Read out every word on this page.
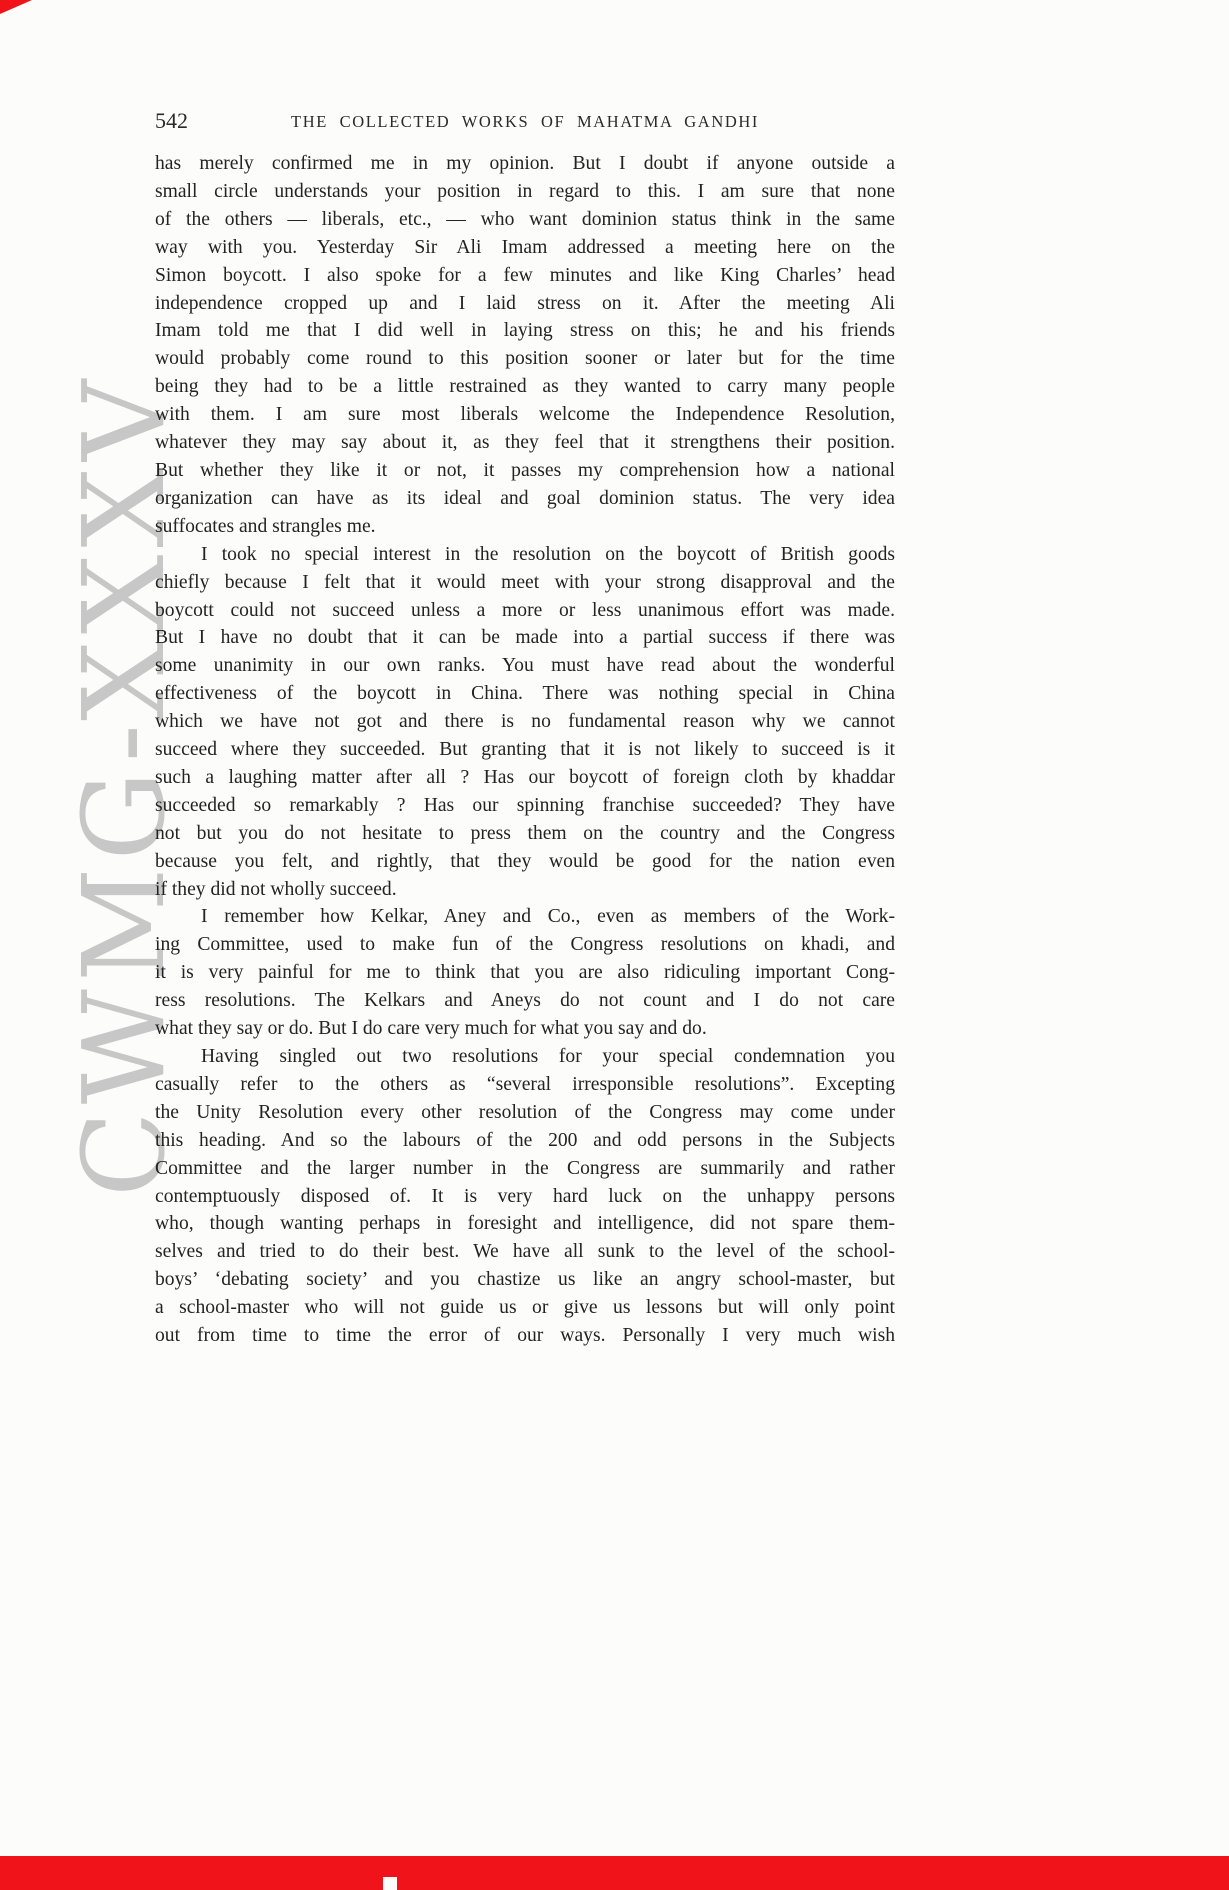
CWMG-XXXV
542	THE COLLECTED WORKS OF MAHATMA GANDHI
has merely confirmed me in my opinion. But I doubt if anyone outside a
small circle understands your position in regard to this. I am sure that none
of the others — liberals, etc., — who want dominion status think in the same
way with you. Yesterday Sir Ali Imam addressed a meeting here on the
Simon boycott. I also spoke for a few minutes and like King Charles’ head
independence cropped up and I laid stress on it. After the meeting Ali
Imam told me that I did well in laying stress on this; he and his friends
would probably come round to this position sooner or later but for the time
being they had to be a little restrained as they wanted to carry many people
with them. I am sure most liberals welcome the Independence Resolution,
whatever they may say about it, as they feel that it strengthens their position.
But whether they like it or not, it passes my comprehension how a national
organization can have as its ideal and goal dominion status. The very idea
suffocates and strangles me.
I took no special interest in the resolution on the boycott of British goods
chiefly because I felt that it would meet with your strong disapproval and the
boycott could not succeed unless a more or less unanimous effort was made.
But I have no doubt that it can be made into a partial success if there was
some unanimity in our own ranks. You must have read about the wonderful
effectiveness of the boycott in China. There was nothing special in China
which we have not got and there is no fundamental reason why we cannot
succeed where they succeeded. But granting that it is not likely to succeed is it
such a laughing matter after all ? Has our boycott of foreign cloth by khaddar
succeeded so remarkably ? Has our spinning franchise succeeded? They have
not but you do not hesitate to press them on the country and the Congress
because you felt, and rightly, that they would be good for the nation even
if they did not wholly succeed.
I remember how Kelkar, Aney and Co., even as members of the Work-
ing Committee, used to make fun of the Congress resolutions on khadi, and
it is very painful for me to think that you are also ridiculing important Cong-
ress resolutions. The Kelkars and Aneys do not count and I do not care
what they say or do. But I do care very much for what you say and do.
Having singled out two resolutions for your special condemnation you
casually refer to the others as “several irresponsible resolutions”. Excepting
the Unity Resolution every other resolution of the Congress may come under
this heading. And so the labours of the 200 and odd persons in the Subjects
Committee and the larger number in the Congress are summarily and rather
contemptuously disposed of. It is very hard luck on the unhappy persons
who, though wanting perhaps in foresight and intelligence, did not spare them-
selves and tried to do their best. We have all sunk to the level of the school-
boys’ ‘debating society’ and you chastize us like an angry school-master, but
a school-master who will not guide us or give us lessons but will only point
out from time to time the error of our ways. Personally I very much wish
